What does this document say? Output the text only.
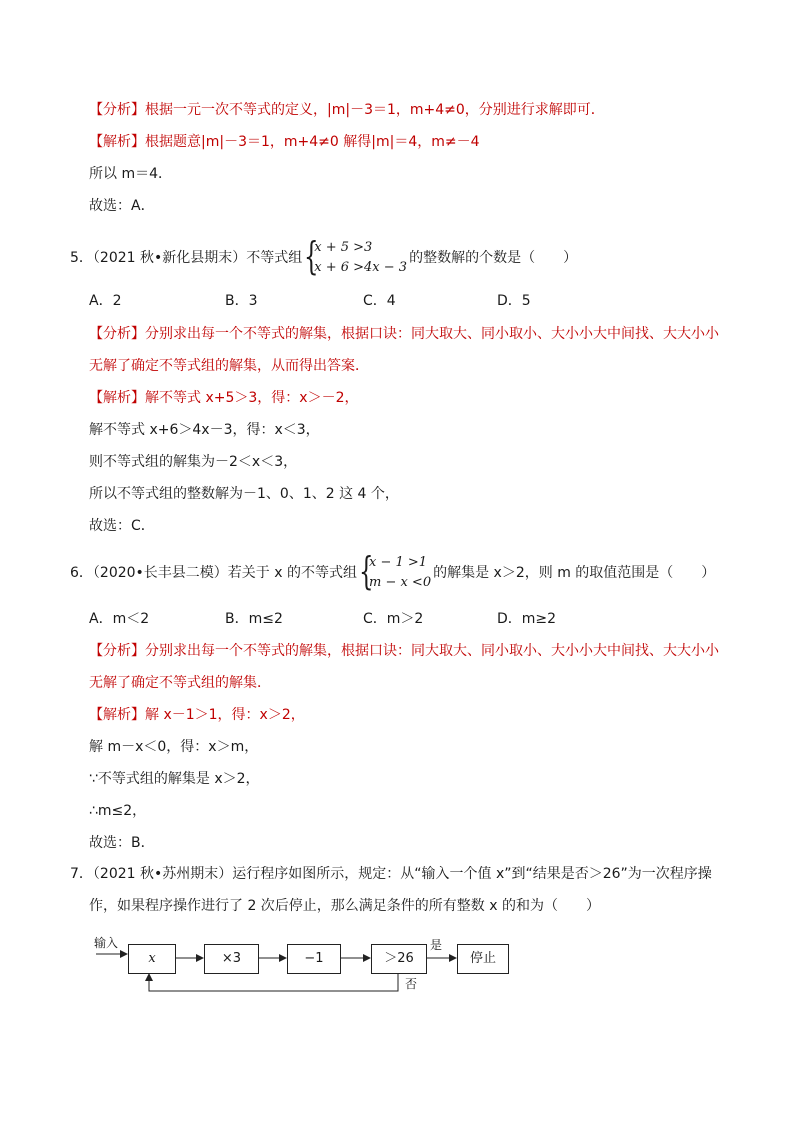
【分析】根据一元一次不等式的定义，|m|－3＝1，m+4≠0，分别进行求解即可．
【解析】根据题意|m|－3＝1，m+4≠0 解得|m|＝4，m≠－4
所以 m＝4．
故选：A．
5．（2021 秋•新化县期末）不等式组 {
x + 5 >3
x + 6 >4x − 3
的整数解的个数是（　　）
A．2	B．3	C．4	D．5
【分析】分别求出每一个不等式的解集，根据口诀：同大取大、同小取小、大小小大中间找、大大小小
无解了确定不等式组的解集，从而得出答案．
【解析】解不等式 x+5＞3，得：x＞－2，
解不等式 x+6＞4x－3，得：x＜3，
则不等式组的解集为－2＜x＜3，
所以不等式组的整数解为－1、0、1、2 这 4 个，
故选：C．
6．（2020•长丰县二模）若关于 x 的不等式组 {
x − 1 >1
m − x <0
的解集是 x＞2，则 m 的取值范围是（　　）
A．m＜2	B．m≤2	C．m＞2	D．m≥2
【分析】分别求出每一个不等式的解集，根据口诀：同大取大、同小取小、大小小大中间找、大大小小
无解了确定不等式组的解集．
【解析】解 x－1＞1，得：x＞2，
解 m－x＜0，得：x＞m，
∵不等式组的解集是 x＞2，
∴m≤2，
故选：B．
7．（2021 秋•苏州期末）运行程序如图所示，规定：从“输入一个值 x”到“结果是否＞26”为一次程序操
作，如果程序操作进行了 2 次后停止，那么满足条件的所有整数 x 的和为（　　）
输入
x	×3	−1	＞26
是
否
停止
